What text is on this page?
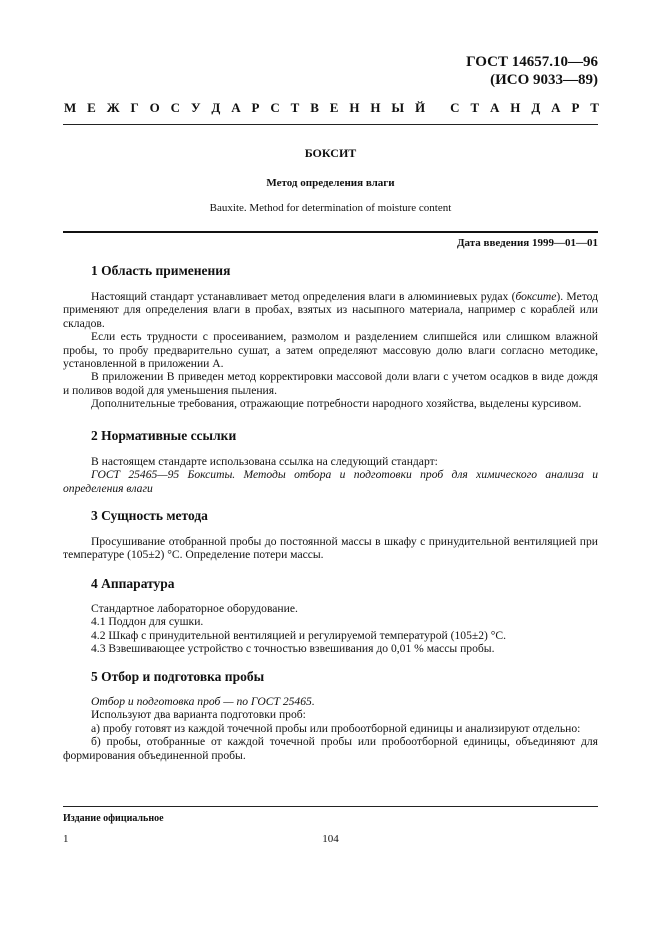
ГОСТ 14657.10—96
(ИСО 9033—89)
М Е Ж Г О С У Д А Р С Т В Е Н Н Ы Й
С Т А Н Д А Р Т
БОКСИТ
Метод определения влаги
Bauxite. Method for determination of moisture content
Дата введения 1999—01—01
1 Область применения
Настоящий стандарт устанавливает метод определения влаги в алюминиевых рудах (боксите). Метод применяют для определения влаги в пробах, взятых из насыпного материала, например с кораблей или складов.
Если есть трудности с просеиванием, размолом и разделением слипшейся или слишком влажной пробы, то пробу предварительно сушат, а затем определяют массовую долю влаги согласно методике, установленной в приложении А.
В приложении В приведен метод корректировки массовой доли влаги с учетом осадков в виде дождя и поливов водой для уменьшения пыления.
Дополнительные требования, отражающие потребности народного хозяйства, выделены курсивом.
2 Нормативные ссылки
В настоящем стандарте использована ссылка на следующий стандарт:
ГОСТ 25465—95 Бокситы. Методы отбора и подготовки проб для химического анализа и определения влаги
3 Сущность метода
Просушивание отобранной пробы до постоянной массы в шкафу с принудительной вентиляцией при температуре (105±2) °С. Определение потери массы.
4 Аппаратура
Стандартное лабораторное оборудование.
4.1 Поддон для сушки.
4.2 Шкаф с принудительной вентиляцией и регулируемой температурой (105±2) °С.
4.3 Взвешивающее устройство с точностью взвешивания до 0,01 % массы пробы.
5 Отбор и подготовка пробы
Отбор и подготовка проб — по ГОСТ 25465.
Используют два варианта подготовки проб:
а) пробу готовят из каждой точечной пробы или пробоотборной единицы и анализируют отдельно:
б) пробы, отобранные от каждой точечной пробы или пробоотборной единицы, объединяют для формирования объединенной пробы.
Издание официальное
1	104
